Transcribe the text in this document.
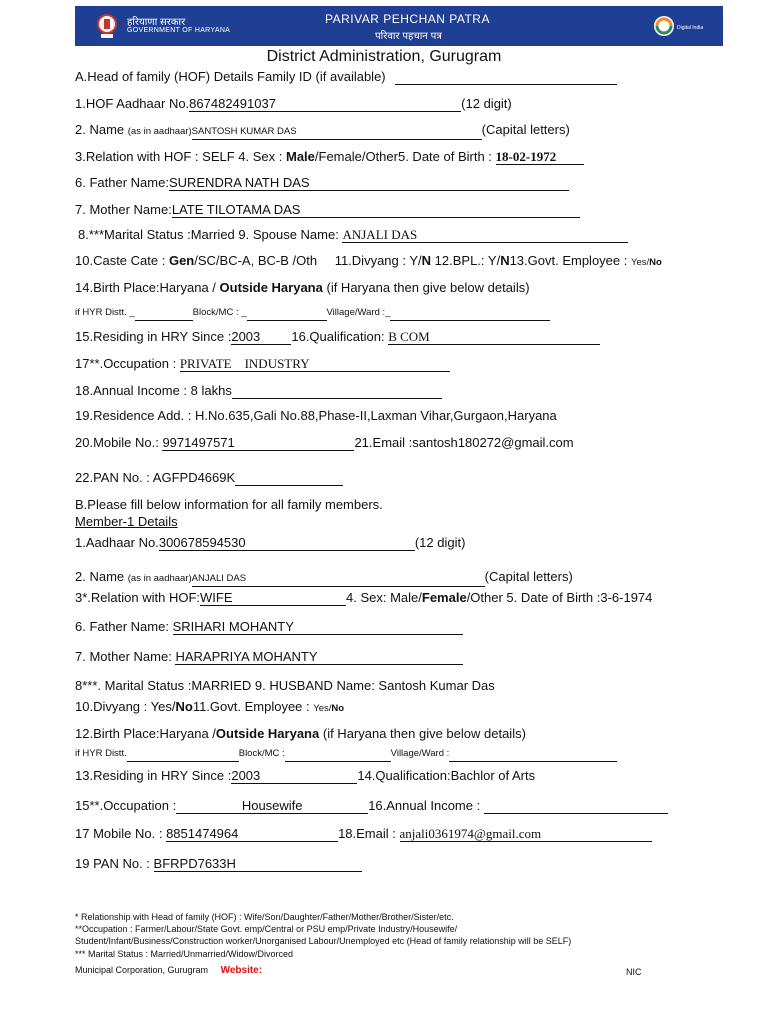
हरियाणा सरकार
GOVERNMENT OF HARYANA
PARIVAR PEHCHAN PATRA
परिवार पहचान पत्र
Digital India
District Administration, Gurugram
A.Head of family (HOF) Details Family ID (if available)
1.HOF Aadhaar No.867482491037	(12 digit)
2. Name (as in aadhaar)SANTOSH KUMAR DAS	(Capital letters)
3.Relation with HOF : SELF 4. Sex : Male/Female/Other5. Date of Birth : 18-02-1972
6. Father Name:SURENDRA NATH DAS
7. Mother Name:LATE TILOTAMA DAS
8.***Marital Status :Married 9. Spouse Name: ANJALI DAS
10.Caste Cate : Gen/SC/BC-A, BC-B /Oth 11.Divyang : Y/N 12.BPL.: Y/N13.Govt. Employee : Yes/No
14.Birth Place:Haryana / Outside Haryana (if Haryana then give below details)
if HYR Distt. _	Block/MC : _	Village/Ward :_
15.Residing in HRY Since :2003 16.Qualification: B COM
17**.Occupation : PRIVATE    INDUSTRY
18.Annual Income : 8 lakhs
19.Residence Add. : H.No.635,Gali No.88,Phase-II,Laxman Vihar,Gurgaon,Haryana
20.Mobile No.: 9971497571	21.Email :santosh180272@gmail.com
22.PAN No. : AGFPD4669K
B.Please fill below information for all family members.
Member-1 Details
1.Aadhaar No.300678594530	(12 digit)
2. Name (as in aadhaar)ANJALI DAS	(Capital letters)
3*.Relation with HOF:WIFE	4. Sex: Male/Female/Other 5. Date of Birth :3-6-1974
6. Father Name: SRIHARI MOHANTY
7. Mother Name: HARAPRIYA MOHANTY
8***. Marital Status :MARRIED 9. HUSBAND Name: Santosh Kumar Das
10.Divyang : Yes/No11.Govt. Employee : Yes/No
12.Birth Place:Haryana /Outside Haryana (if Haryana then give below details)
if HYR Distt.	Block/MC :	Village/Ward :
13.Residing in HRY Since :2003	14.Qualification:Bachlor of Arts
15**.Occupation :	Housewife	16.Annual Income :
17 Mobile No. : 8851474964	18.Email : anjali0361974@gmail.com
19 PAN No. : BFRPD7633H
* Relationship with Head of family (HOF) : Wife/Son/Daughter/Father/Mother/Brother/Sister/etc.
**Occupation : Farmer/Labour/State Govt. emp/Central or PSU emp/Private Industry/Housewife/
Student/Infant/Business/Construction worker/Unorganised Labour/Unemployed etc (Head of family relationship will be SELF)
*** Marital Status : Married/Unmarried/Widow/Divorced
Municipal Corporation, Gurugram Website:	NIC
